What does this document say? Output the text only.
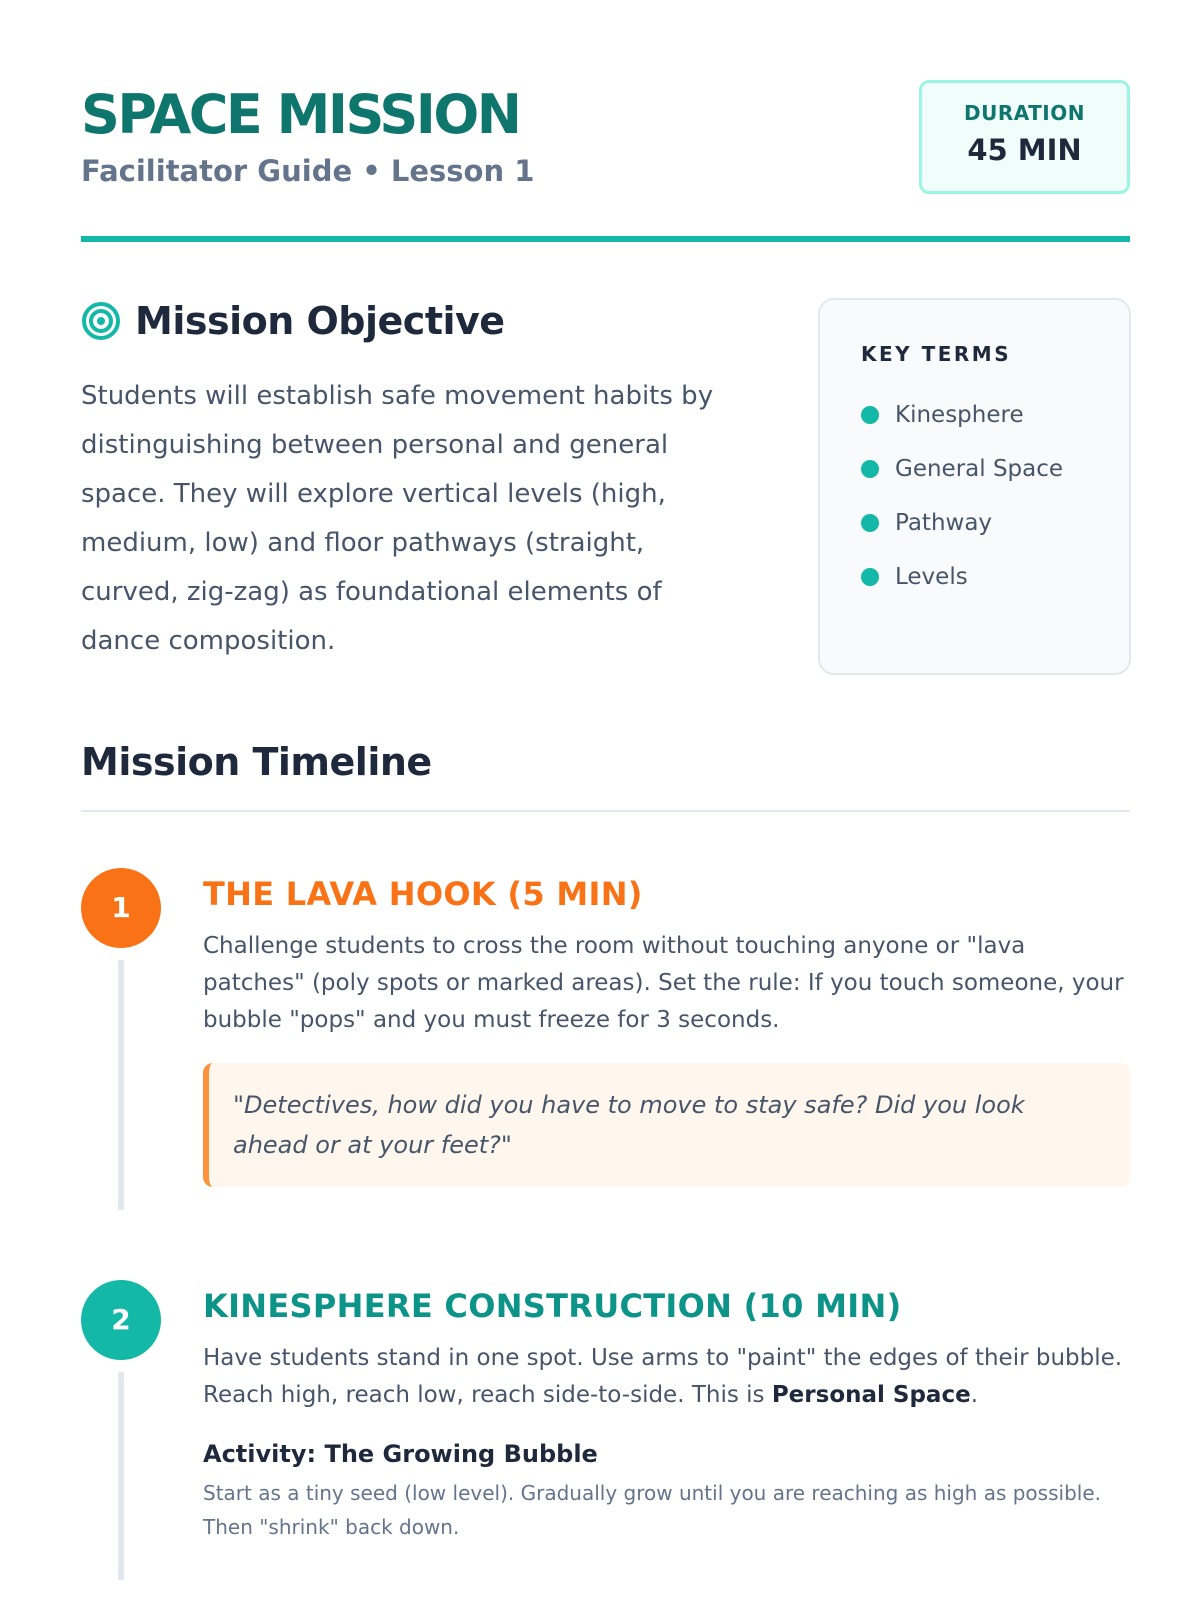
SPACE MISSION
Facilitator Guide • Lesson 1
DURATION
45 MIN
Mission Objective

Students will establish safe movement habits by distinguishing between personal and general space. They will explore vertical levels (high, medium, low) and floor pathways (straight, curved, zig-zag) as foundational elements of dance composition.

KEY TERMS
Kinesphere
General Space
Pathway
Levels
Mission Timeline
1	THE LAVA HOOK (5 MIN)

Challenge students to cross the room without touching anyone or "lava patches" (poly spots or marked areas). Set the rule: If you touch someone, your bubble "pops" and you must freeze for 3 seconds.

"Detectives, how did you have to move to stay safe? Did you look ahead or at your feet?"
2	KINESPHERE CONSTRUCTION (10 MIN)

Have students stand in one spot. Use arms to "paint" the edges of their bubble. Reach high, reach low, reach side-to-side. This is Personal Space.

Activity: The Growing Bubble

Start as a tiny seed (low level). Gradually grow until you are reaching as high as possible. Then "shrink" back down.
